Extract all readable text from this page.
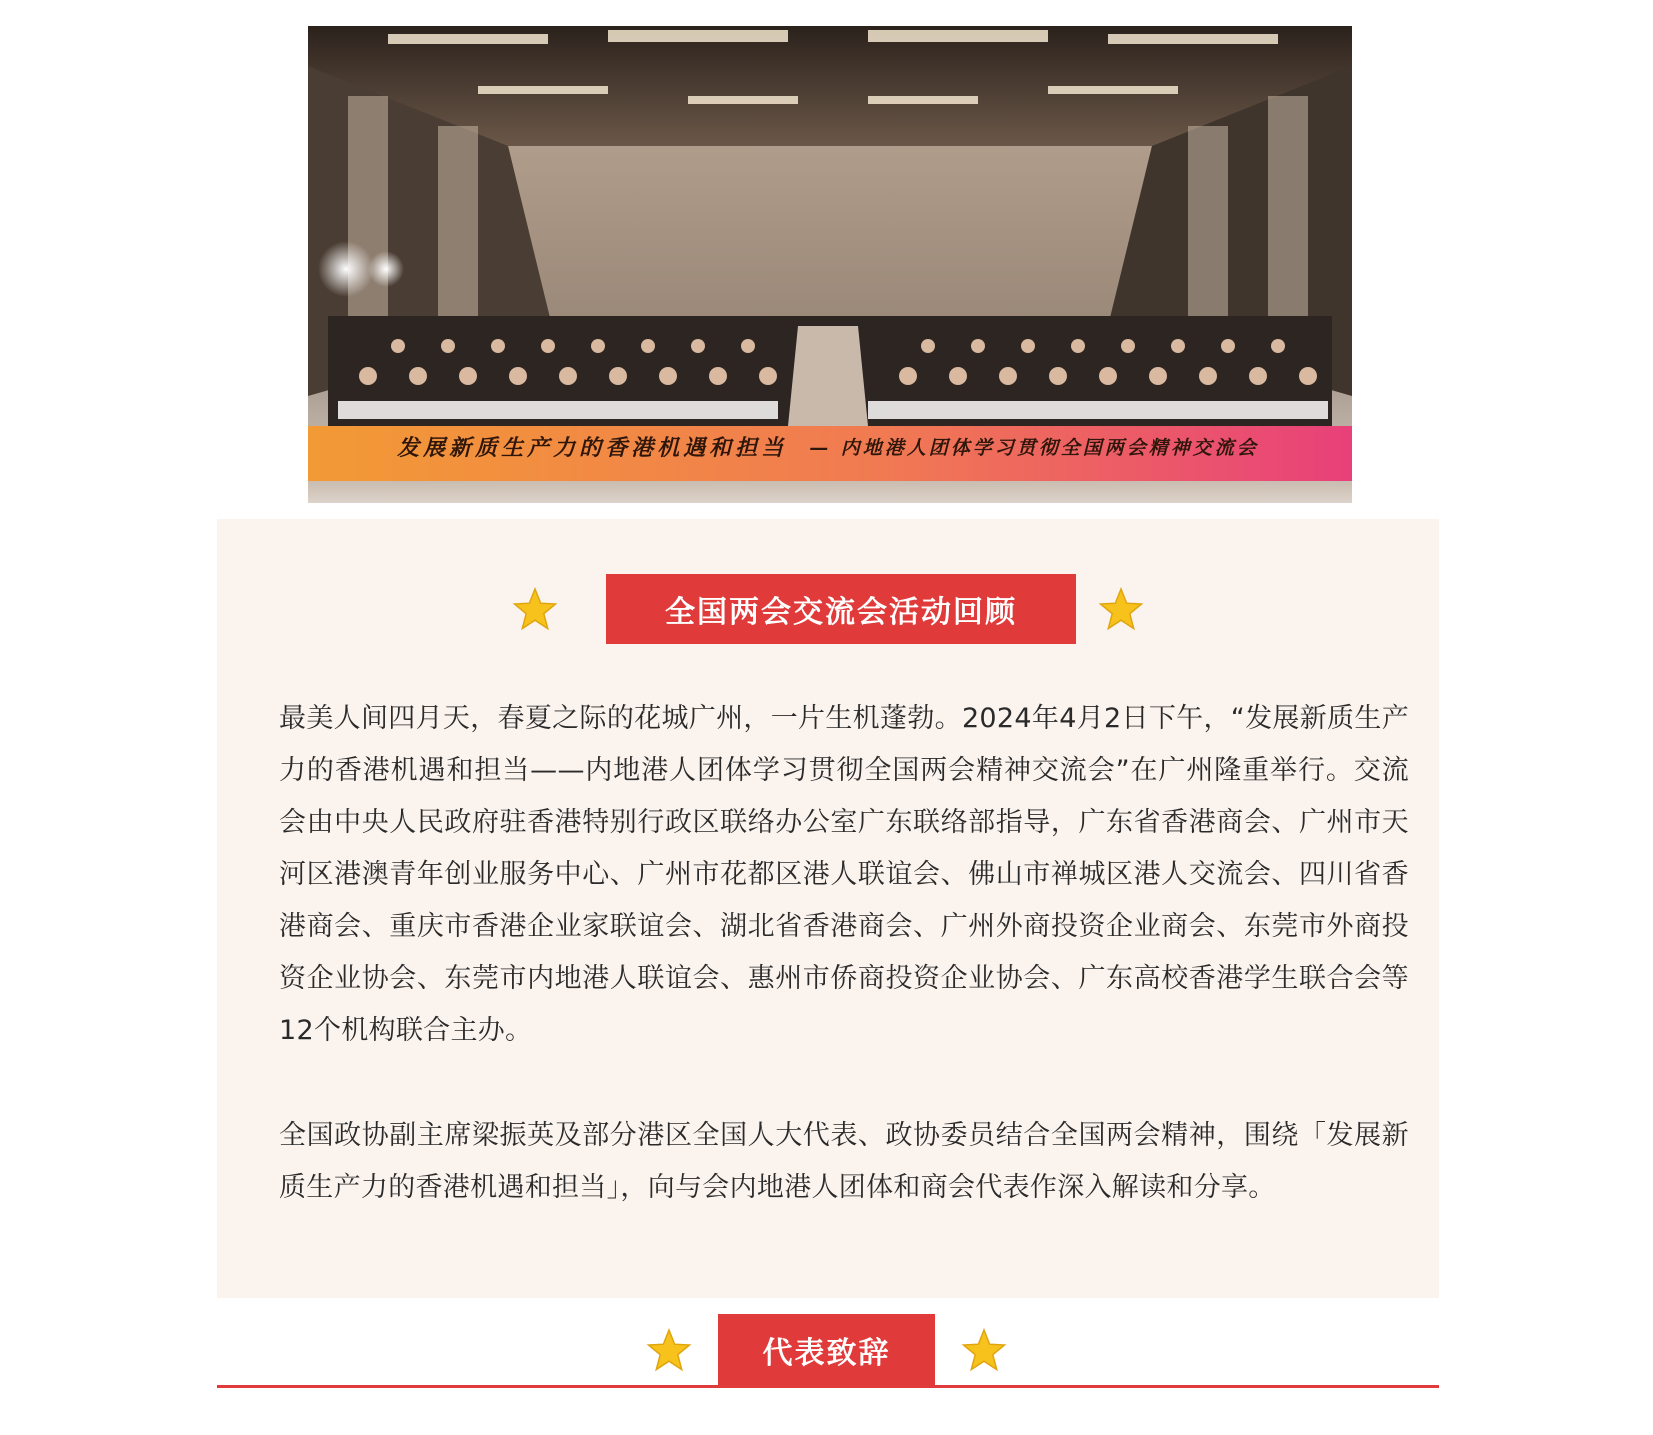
发展新质生产力的香港机遇和担当 — 内地港人团体学习贯彻全国两会精神交流会
全国两会交流会活动回顾

最美人间四月天，春夏之际的花城广州，一片生机蓬勃。2024年4月2日下午，“发展新质生产力的香港机遇和担当——内地港人团体学习贯彻全国两会精神交流会”在广州隆重举行。交流会由中央人民政府驻香港特别行政区联络办公室广东联络部指导，广东省香港商会、广州市天河区港澳青年创业服务中心、广州市花都区港人联谊会、佛山市禅城区港人交流会、四川省香港商会、重庆市香港企业家联谊会、湖北省香港商会、广州外商投资企业商会、东莞市外商投资企业协会、东莞市内地港人联谊会、惠州市侨商投资企业协会、广东高校香港学生联合会等12个机构联合主办。

全国政协副主席梁振英及部分港区全国人大代表、政协委员结合全国两会精神，围绕「发展新质生产力的香港机遇和担当」，向与会内地港人团体和商会代表作深入解读和分享。

代表致辞
